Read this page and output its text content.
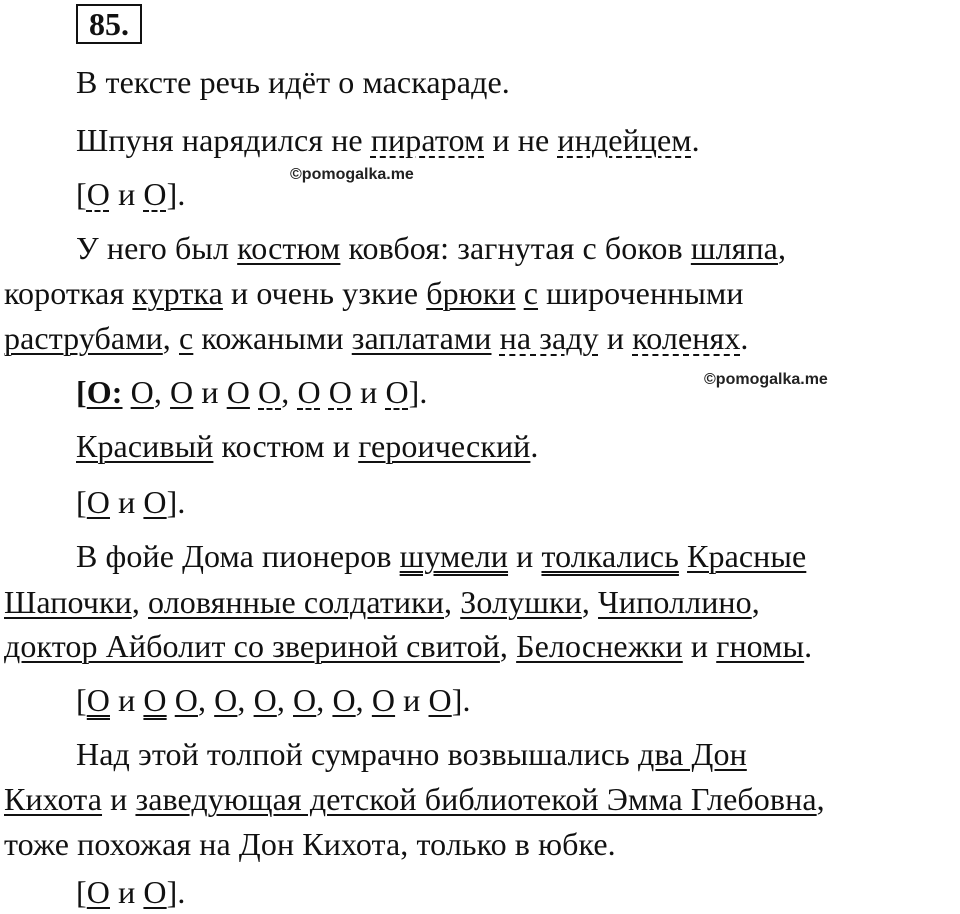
85.
В тексте речь идёт о маскараде.
Шпуня нарядился не пиратом и не индейцем.
[О и О].
©pomogalka.me
У него был костюм ковбоя: загнутая с боков шляпа,
короткая куртка и очень узкие брюки с широченными
раструбами, с кожаными заплатами на заду и коленях.
[О: О, О и О О, О О и О].	©pomogalka.me
Красивый костюм и героический.
[О и О].
В фойе Дома пионеров шумели и толкались Красные
Шапочки, оловянные солдатики, Золушки, Чиполлино,
доктор Айболит со звериной свитой, Белоснежки и гномы.
[О и О О, О, О, О, О, О и О].
Над этой толпой сумрачно возвышались два Дон
Кихота и заведующая детской библиотекой Эмма Глебовна,
тоже похожая на Дон Кихота, только в юбке.
[О и О].
